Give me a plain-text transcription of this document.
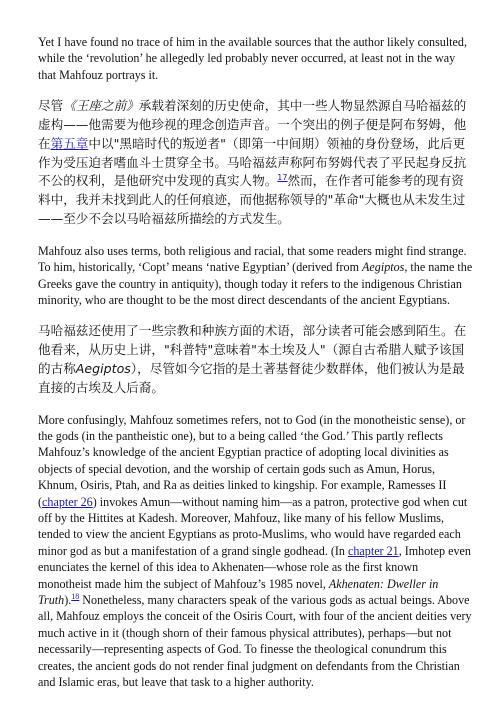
Yet I have found no trace of him in the available sources that the author likely consulted, while the ‘revolution’ he allegedly led probably never occurred, at least not in the way that Mahfouz portrays it.

尽管《王座之前》承载着深刻的历史使命，其中一些人物显然源自马哈福兹的虚构——他需要为他珍视的理念创造声音。一个突出的例子便是阿布努姆，他在第五章中以"黑暗时代的叛逆者"（即第一中间期）领袖的身份登场，此后更作为受压迫者嗜血斗士贯穿全书。马哈福兹声称阿布努姆代表了平民起身反抗不公的权利，是他研究中发现的真实人物。$^{17}$然而，在作者可能参考的现有资料中，我并未找到此人的任何痕迹，而他据称领导的"革命"大概也从未发生过——至少不会以马哈福兹所描绘的方式发生。

Mahfouz also uses terms, both religious and racial, that some readers might find strange. To him, historically, ‘Copt’ means ‘native Egyptian’ (derived from Aegiptos, the name the Greeks gave the country in antiquity), though today it refers to the indigenous Christian minority, who are thought to be the most direct descendants of the ancient Egyptians.

马哈福兹还使用了一些宗教和种族方面的术语，部分读者可能会感到陌生。在他看来，从历史上讲，"科普特"意味着"本土埃及人"（源自古希腊人赋予该国的古称Aegiptos），尽管如今它指的是土著基督徒少数群体，他们被认为是最直接的古埃及人后裔。

More confusingly, Mahfouz sometimes refers, not to God (in the monotheistic sense), or the gods (in the pantheistic one), but to a being called ‘the God.’ This partly reflects Mahfouz’s knowledge of the ancient Egyptian practice of adopting local divinities as objects of special devotion, and the worship of certain gods such as Amun, Horus, Khnum, Osiris, Ptah, and Ra as deities linked to kingship. For example, Ramesses II (chapter 26) invokes Amun—without naming him—as a patron, protective god when cut off by the Hittites at Kadesh. Moreover, Mahfouz, like many of his fellow Muslims, tended to view the ancient Egyptians as proto-Muslims, who would have regarded each minor god as but a manifestation of a grand single godhead. (In chapter 21, Imhotep even enunciates the kernel of this idea to Akhenaten—whose role as the first known monotheist made him the subject of Mahfouz’s 1985 novel, Akhenaten: Dweller in Truth).$^{18}$ Nonetheless, many characters speak of the various gods as actual beings. Above all, Mahfouz employs the conceit of the Osiris Court, with four of the ancient deities very much active in it (though shorn of their famous physical attributes), perhaps—but not necessarily—representing aspects of God. To finesse the theological conundrum this creates, the ancient gods do not render final judgment on defendants from the Christian and Islamic eras, but leave that task to a higher authority.
